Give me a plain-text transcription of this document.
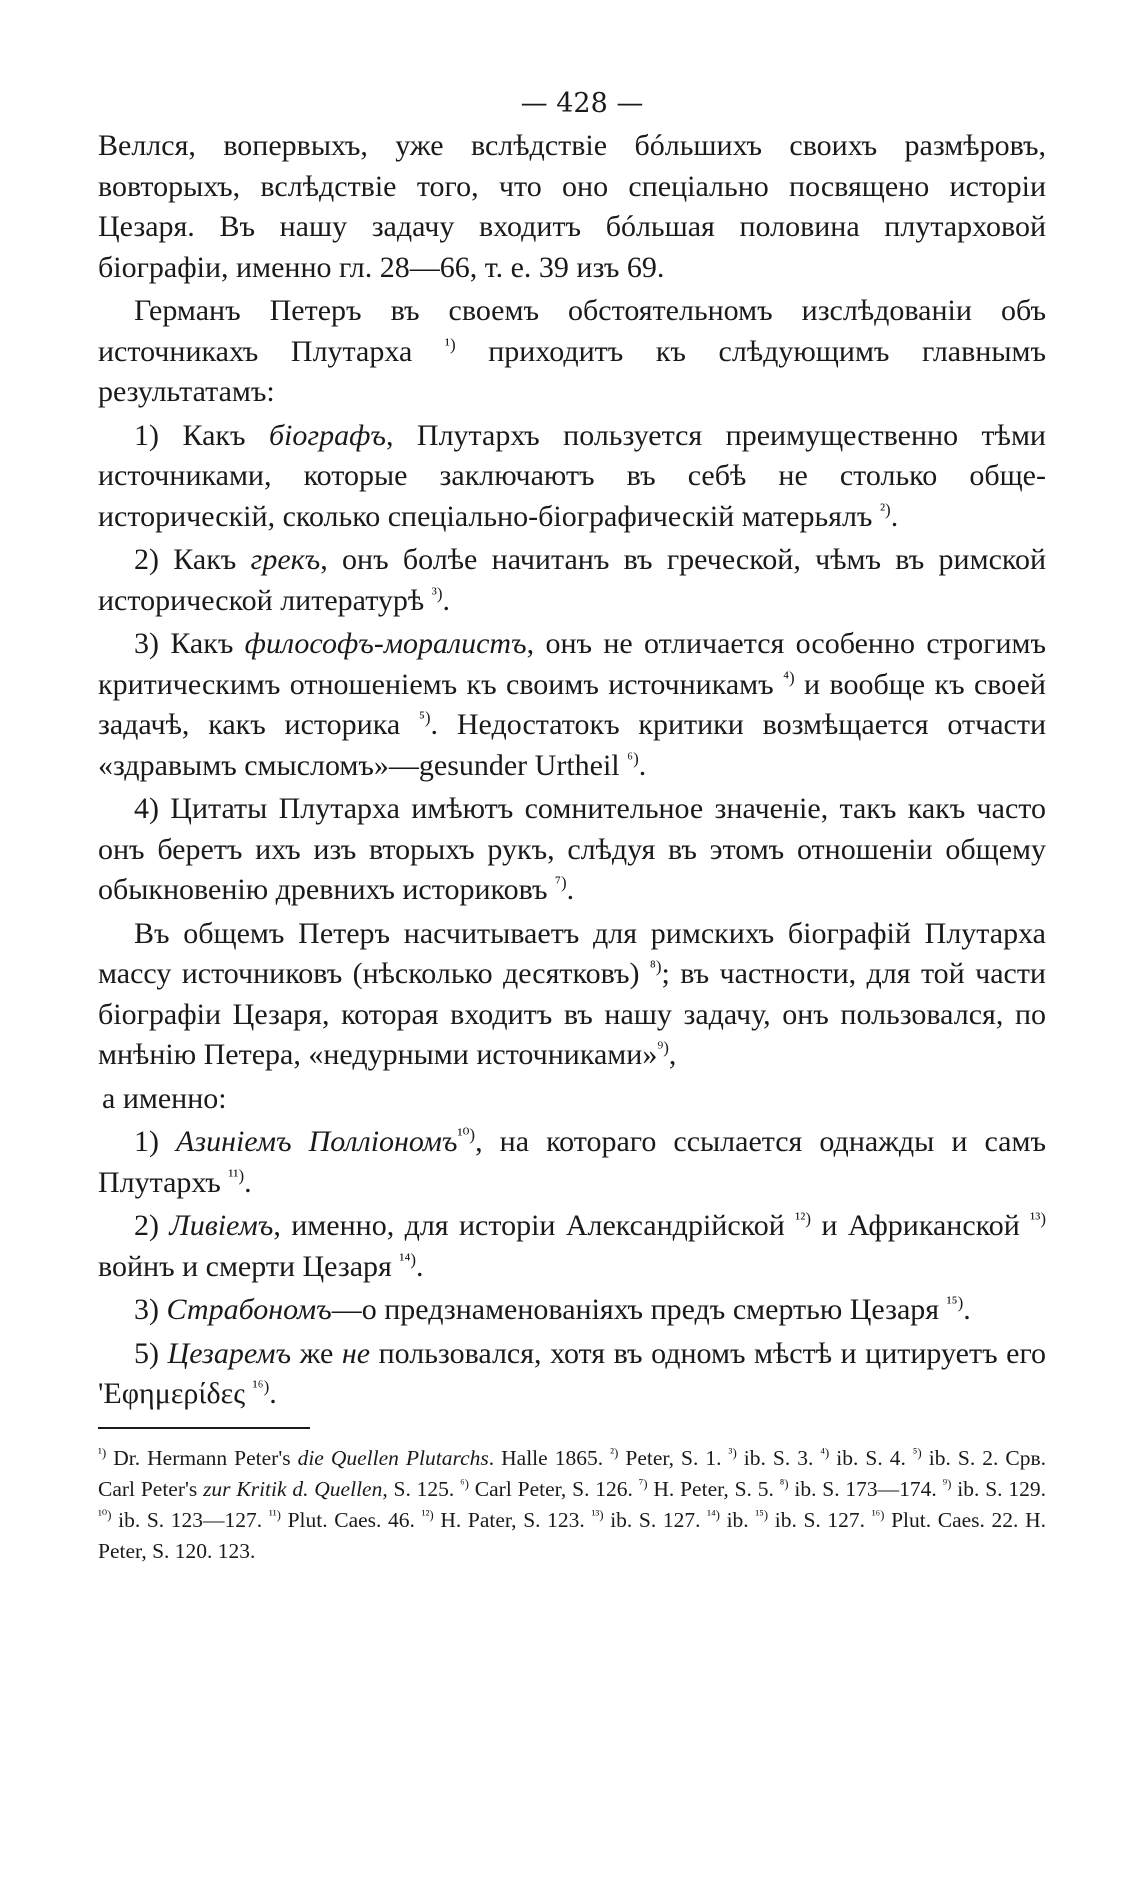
— 428 —

Веллся, вопервыхъ, уже вслѣдствіе бóльшихъ своихъ размѣровъ, вовторыхъ, вслѣдствіе того, что оно спеціально посвящено исторіи Цезаря. Въ нашу задачу входитъ бóльшая половина плутарховой біографіи, именно гл. 28—66, т. е. 39 изъ 69.

Германъ Петеръ въ своемъ обстоятельномъ изслѣдованіи объ источникахъ Плутарха $^{^1)}$ приходитъ къ слѣдующимъ главнымъ результатамъ:

1) Какъ біографъ, Плутархъ пользуется преимущественно тѣми источниками, которые заключаютъ въ себѣ не столько обще-историческій, сколько спеціально-біографическій матерьялъ $^{^2)}$.

2) Какъ грекъ, онъ болѣе начитанъ въ греческой, чѣмъ въ римской исторической литературѣ $^{^3)}$.

3) Какъ философъ-моралистъ, онъ не отличается особенно строгимъ критическимъ отношеніемъ къ своимъ источникамъ $^{^4)}$ и вообще къ своей задачѣ, какъ историка $^{^5)}$. Недостатокъ критики возмѣщается отчасти «здравымъ смысломъ»—gesunder Urtheil $^{^6)}$.

4) Цитаты Плутарха имѣютъ сомнительное значеніе, такъ какъ часто онъ беретъ ихъ изъ вторыхъ рукъ, слѣдуя въ этомъ отношеніи общему обыкновенію древнихъ историковъ $^{^7)}$.

Въ общемъ Петеръ насчитываетъ для римскихъ біографій Плутарха массу источниковъ (нѣсколько десятковъ) $^{^8)}$; въ частности, для той части біографіи Цезаря, которая входитъ въ нашу задачу, онъ пользовался, по мнѣнію Петера, «недурными источниками»$^{^9)}$,

а именно:

1) Азиніемъ Полліономъ$^{^{10})}$, на котораго ссылается однажды и самъ Плутархъ $^{^{11})}$.

2) Ливіемъ, именно, для исторіи Александрійской $^{^{12})}$ и Африканской $^{^{13})}$ войнъ и смерти Цезаря $^{^{14})}$.

3) Страбономъ—о предзнаменованіяхъ предъ смертью Цезаря $^{^{15})}$.

5) Цезаремъ же не пользовался, хотя въ одномъ мѣстѣ и цитируетъ его 'Εφημερίδες $^{^{16})}$.

$^{^1)}$ Dr. Hermann Peter's die Quellen Plutarchs. Halle 1865. $^{^2)}$ Peter, S. 1. $^{^3)}$ ib. S. 3. $^{^4)}$ ib. S. 4. $^{^5)}$ ib. S. 2. Срв. Carl Peter's zur Kritik d. Quellen, S. 125. $^{^6)}$ Carl Peter, S. 126. $^{^7)}$ H. Peter, S. 5. $^{^8)}$ ib. S. 173—174. $^{^9)}$ ib. S. 129. $^{^{10})}$ ib. S. 123—127. $^{^{11})}$ Plut. Caes. 46. $^{^{12})}$ H. Pater, S. 123. $^{^{13})}$ ib. S. 127. $^{^{14})}$ ib. $^{^{15})}$ ib. S. 127. $^{^{16})}$ Plut. Caes. 22. H. Peter, S. 120. 123.
